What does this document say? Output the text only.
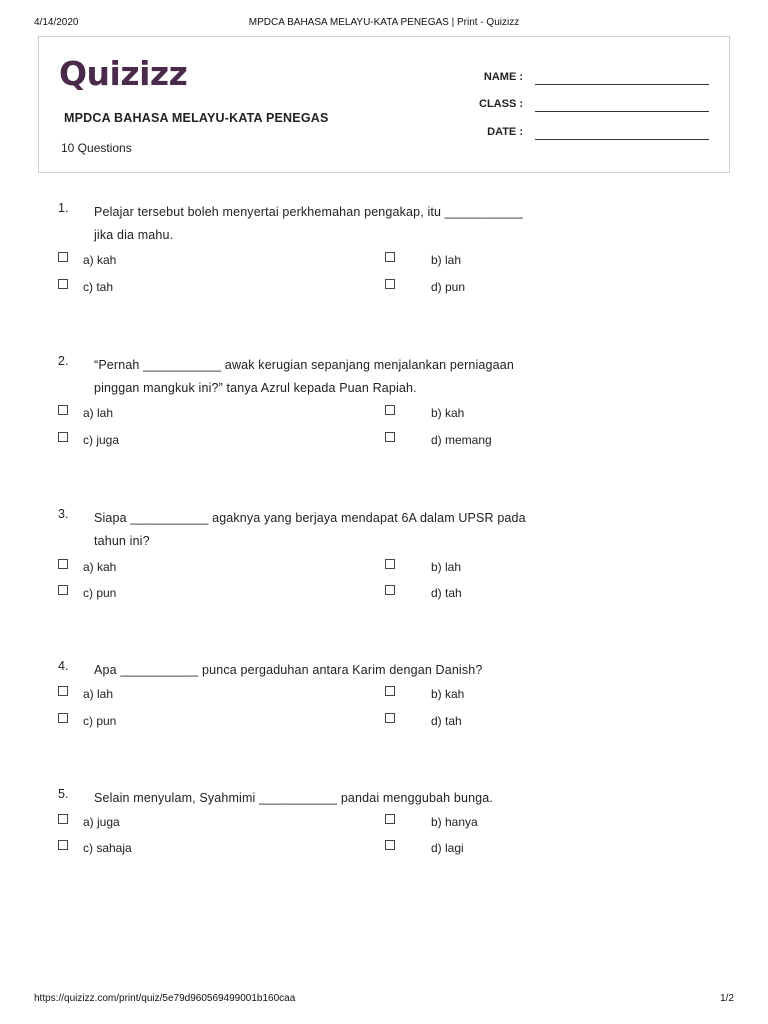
4/14/2020	MPDCA BAHASA MELAYU-KATA PENEGAS | Print - Quizizz
Quizizz
MPDCA BAHASA MELAYU-KATA PENEGAS
10 Questions
NAME :
CLASS :
DATE :
1. Pelajar tersebut boleh menyertai perkhemahan pengakap, itu ___________
jika dia mahu.
a) kah	b) lah
c) tah	d) pun
2. “Pernah ___________ awak kerugian sepanjang menjalankan perniagaan
pinggan mangkuk ini?” tanya Azrul kepada Puan Rapiah.
a) lah	b) kah
c) juga	d) memang
3. Siapa ___________ agaknya yang berjaya mendapat 6A dalam UPSR pada
tahun ini?
a) kah	b) lah
c) pun	d) tah
4. Apa ___________ punca pergaduhan antara Karim dengan Danish?
a) lah	b) kah
c) pun	d) tah
5. Selain menyulam, Syahmimi ___________ pandai menggubah bunga.
a) juga	b) hanya
c) sahaja	d) lagi
https://quizizz.com/print/quiz/5e79d960569499001b160caa	1/2
